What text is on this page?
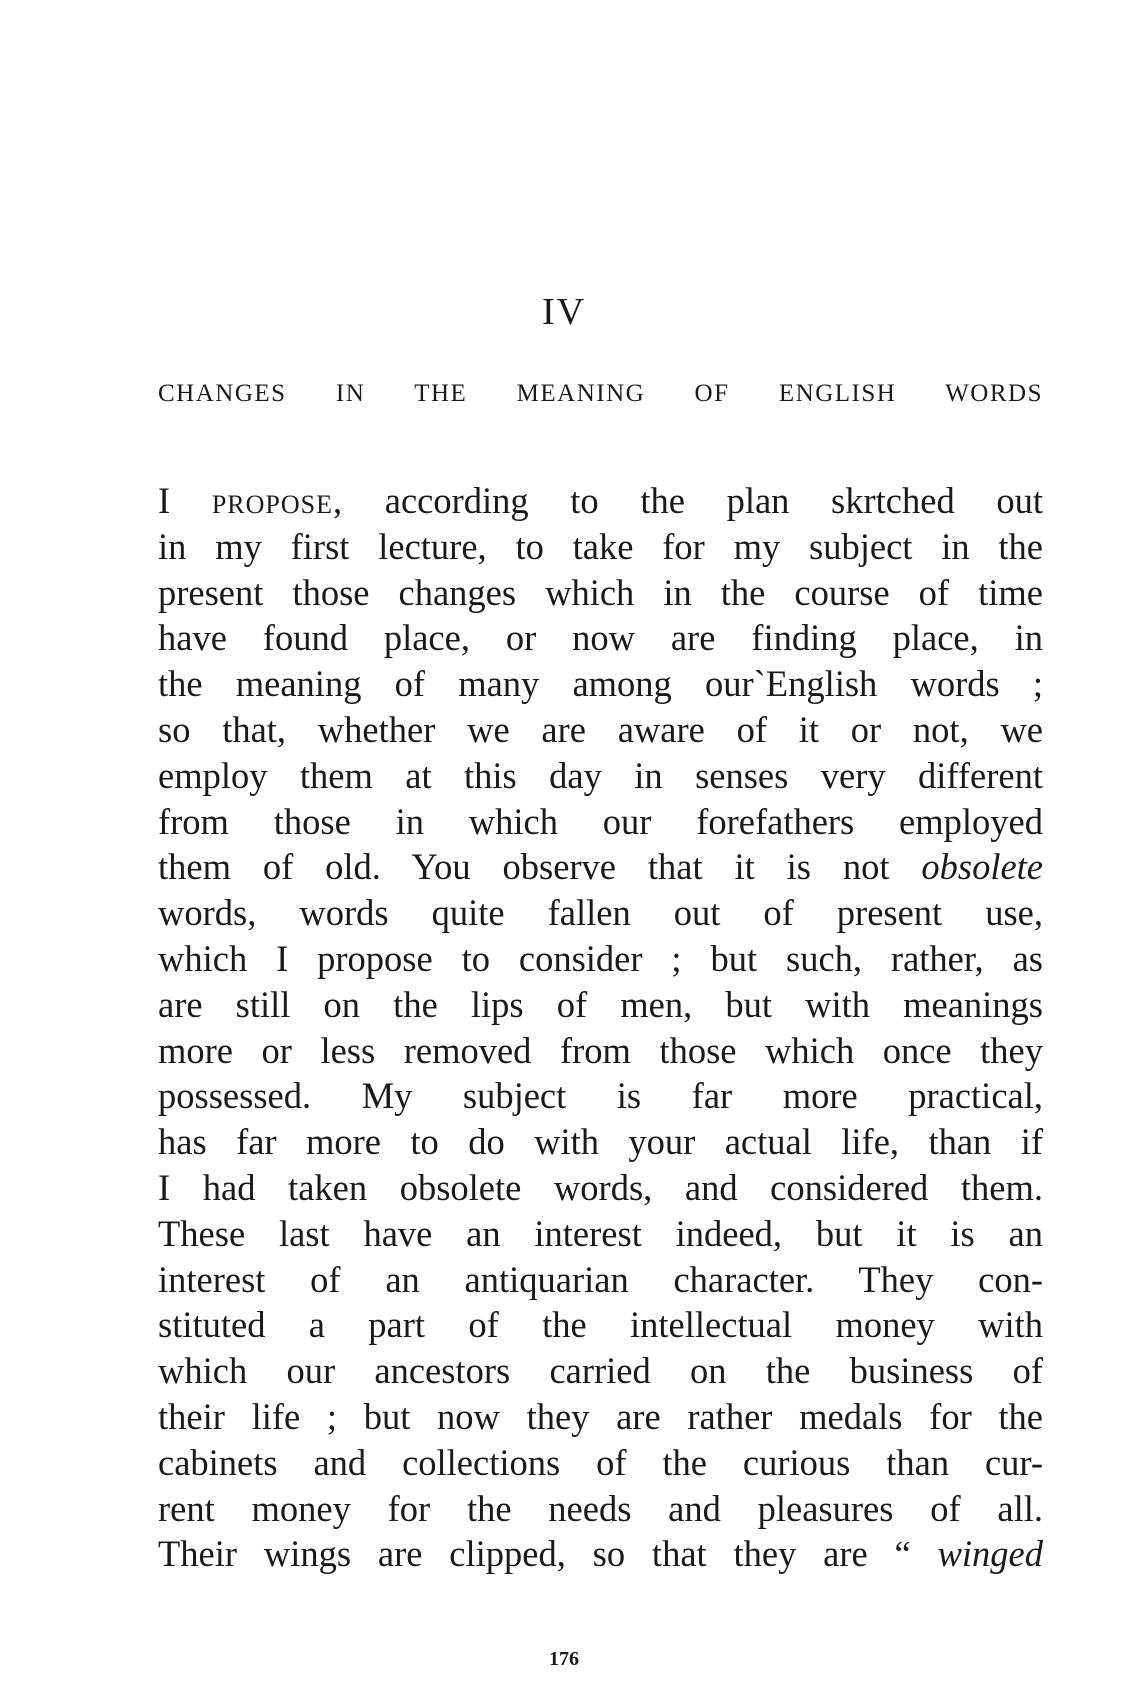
IV
CHANGES IN THE MEANING OF ENGLISH WORDS
I propose, according to the plan skrtched out
in my first lecture, to take for my subject in the
present those changes which in the course of time
have found place, or now are finding place, in
the meaning of many among our`English words ;
so that, whether we are aware of it or not, we
employ them at this day in senses very different
from those in which our forefathers employed
them of old. You observe that it is not obsolete
words, words quite fallen out of present use,
which I propose to consider ; but such, rather, as
are still on the lips of men, but with meanings
more or less removed from those which once they
possessed. My subject is far more practical,
has far more to do with your actual life, than if
I had taken obsolete words, and considered them.
These last have an interest indeed, but it is an
interest of an antiquarian character. They con-
stituted a part of the intellectual money with
which our ancestors carried on the business of
their life ; but now they are rather medals for the
cabinets and collections of the curious than cur-
rent money for the needs and pleasures of all.
Their wings are clipped, so that they are “ winged
176
